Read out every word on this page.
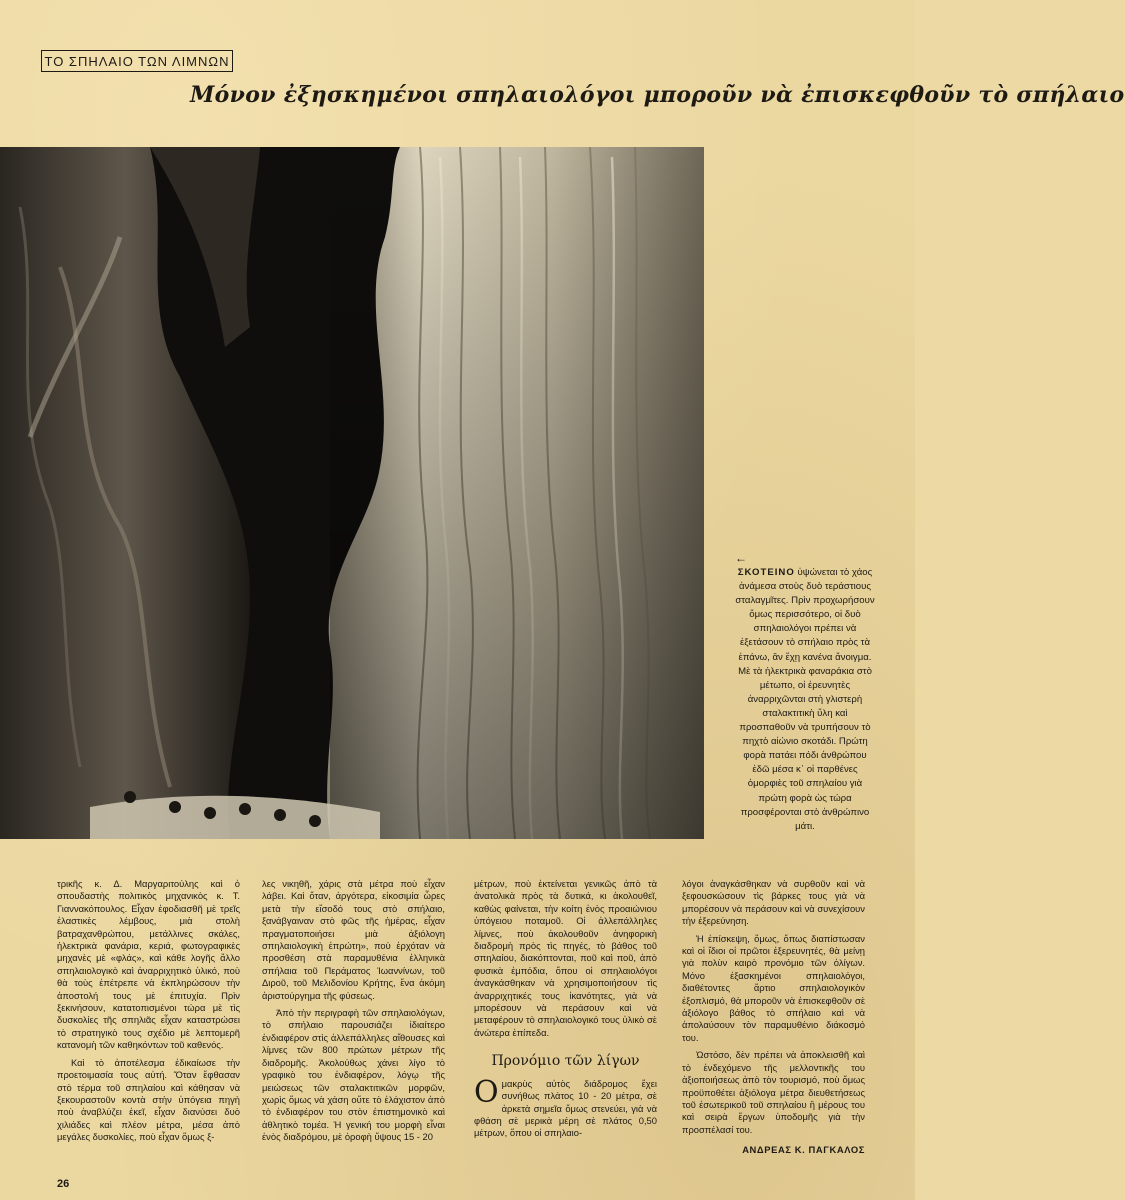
ΤΟ ΣΠΗΛΑΙΟ ΤΩΝ ΛΙΜΝΩΝ
Μόνον ἐξησκημένοι σπηλαιολόγοι μποροῦν νὰ ἐπισκεφθοῦν τὸ σπήλαιο
←
ΣΚΟΤΕΙΝΟ ὑψώνεται τὸ χάος ἀνάμεσα στοὺς δυὸ τεράστιους σταλαγμῖτες. Πρὶν προχωρήσουν ὅμως περισσότερο, οἱ δυὸ σπηλαιολόγοι πρέπει νὰ ἐξετάσουν τὸ σπήλαιο πρὸς τὰ ἐπάνω, ἂν ἔχῃ κανένα ἄνοιγμα. Μὲ τὰ ἠλεκτρικὰ φαναράκια στὸ μέτωπο, οἱ ἐρευνητὲς ἀναρριχῶνται στὴ γλιστερὴ σταλακτιτικὴ ὕλη καὶ προσπαθοῦν νὰ τρυπήσουν τὸ πηχτὸ αἰώνιο σκοτάδι. Πρώτη φορὰ πατάει πόδι ἀνθρώπου ἐδῶ μέσα κ᾽ οἱ παρθένες ὀμορφιὲς τοῦ σπηλαίου γιὰ πρώτη φορὰ ὡς τώρα προσφέρονται στὸ ἀνθρώπινο μάτι.

τρικῆς κ. Δ. Μαργαριτούλης καὶ ὁ σπουδαστὴς πολιτικὸς μηχανικὸς κ. Τ. Γιαννακόπουλος. Εἶχαν ἐφοδιασθῆ μὲ τρεῖς ἐλαστικὲς λέμβους, μιὰ στολὴ βατραχανθρώπου, μετάλλινες σκάλες, ἠλεκτρικὰ φανάρια, κεριά, φωτογραφικὲς μηχανὲς μὲ «φλάς», καὶ κάθε λογῆς ἄλλο σπηλαιολογικὸ καὶ ἀναρριχητικὸ ὑλικό, ποὺ θὰ τοὺς ἐπέτρεπε νὰ ἐκπληρώσουν τὴν ἀποστολή τους μὲ ἐπιτυχία. Πρὶν ξεκινήσουν, κατατοπισμένοι τώρα μὲ τὶς δυσκολίες τῆς σπηλιᾶς εἶχαν καταστρώσει τὸ στρατηγικὸ τους σχέδιο μὲ λεπτομερῆ κατανομὴ τῶν καθηκόντων τοῦ καθενός.

Καὶ τὸ ἀποτέλεσμα ἐδικαίωσε τὴν προετοιμασία τους αὐτή. Ὅταν ἔφθασαν στὸ τέρμα τοῦ σπηλαίου καὶ κάθησαν νὰ ξεκουραστοῦν κοντὰ στὴν ὑπόγεια πηγὴ ποὺ ἀναβλύζει ἐκεῖ, εἶχαν διανύσει δυὸ χιλιάδες καὶ πλέον μέτρα, μέσα ἀπὸ μεγάλες δυσκολίες, ποὺ εἶχαν ὅμως ξ-

λες νικηθῆ, χάρις στὰ μέτρα ποὺ εἶχαν λάβει. Καὶ ὅταν, ἀργότερα, εἰκοσιμία ὧρες μετὰ τὴν εἴσοδό τους στὸ σπήλαιο, ξανάβγαιναν στὸ φῶς τῆς ἡμέρας, εἶχαν πραγματοποιήσει μιὰ ἀξιόλογη σπηλαιολογικὴ ἐπρώτη», ποὺ ἐρχόταν νὰ προσθέση στὰ παραμυθένια ἑλληνικὰ σπήλαια τοῦ Περάματος Ἰωαννίνων, τοῦ Διροῦ, τοῦ Μελιδονίου Κρήτης, ἕνα ἀκόμη ἀριστούργημα τῆς φύσεως.

Ἀπὸ τὴν περιγραφὴ τῶν σπηλαιολόγων, τὸ σπήλαιο παρουσιάζει ἰδιαίτερο ἐνδιαφέρον στὶς ἀλλεπάλληλες αἴθουσες καὶ λίμνες τῶν 800 πρώτων μέτρων τῆς διαδρομῆς. Ἀκολούθως χάνει λίγο τὸ γραφικὸ του ἐνδιαφέρον, λόγῳ τῆς μειώσεως τῶν σταλακτιτικῶν μορφῶν, χωρὶς ὅμως νὰ χάση οὔτε τὸ ἐλάχιστον ἀπὸ τὸ ἐνδιαφέρον του στὸν ἐπιστημονικὸ καὶ ἀθλητικὸ τομέα. Ἡ γενική του μορφὴ εἶναι ἑνὸς διαδρόμου, μὲ ὀροφὴ ὕψους 15 - 20

μέτρων, ποὺ ἐκτείνεται γενικῶς ἀπὸ τὰ ἀνατολικὰ πρὸς τὰ δυτικά, κι ἀκολουθεῖ, καθὼς φαίνεται, τὴν κοίτη ἑνὸς προαιώνιου ὑπόγειου ποταμοῦ. Οἱ ἀλλεπάλληλες λίμνες, ποὺ ἀκολουθοῦν ἀνηφορικὴ διαδρομὴ πρὸς τὶς πηγές, τὸ βάθος τοῦ σπηλαίου, διακόπτονται, ποῦ καὶ ποῦ, ἀπὸ φυσικὰ ἐμπόδια, ὅπου οἱ σπηλαιολόγοι ἀναγκάσθηκαν νὰ χρησιμοποιήσουν τὶς ἀναρριχητικές τους ἱκανότητες, γιὰ νὰ μπορέσουν νὰ περάσουν καὶ νὰ μεταφέρουν τὸ σπηλαιολογικό τους ὑλικὸ σὲ ἀνώτερα ἐπίπεδα.

Προνόμιο τῶν λίγων

O μακρὺς αὐτὸς διάδρομος ἔχει συνήθως πλάτος 10 - 20 μέτρα, σὲ ἀρκετὰ σημεῖα ὅμως στενεύει, γιὰ νὰ φθάση σὲ μερικὰ μέρη σὲ πλάτος 0,50 μέτρων, ὅπου οἱ σπηλαιο-

λόγοι ἀναγκάσθηκαν νὰ συρθοῦν καὶ νὰ ξεφουσκώσουν τὶς βάρκες τους γιὰ νὰ μπορέσουν νὰ περάσουν καὶ νὰ συνεχίσουν τὴν ἐξερεύνηση.

Ἡ ἐπίσκεψη, ὅμως, ὅπως διαπίστωσαν καὶ οἱ ἴδιοι οἱ πρῶτοι ἐξερευνητές, θὰ μείνῃ γιὰ πολὺν καιρὸ προνόμιο τῶν ὀλίγων. Μόνο ἐξασκημένοι σπηλαιολόγοι, διαθέτοντες ἄρτιο σπηλαιολογικὸν ἐξοπλισμό, θὰ μποροῦν νὰ ἐπισκεφθοῦν σὲ ἀξιόλογο βάθος τὸ σπήλαιο καὶ νὰ ἀπολαύσουν τὸν παραμυθένιο διάκοσμό του.

Ὡστόσο, δὲν πρέπει νὰ ἀποκλεισθῆ καὶ τὸ ἐνδεχόμενο τῆς μελλοντικῆς του ἀξιοποιήσεως ἀπὸ τὸν τουρισμό, ποὺ ὅμως προϋποθέτει ἀξιόλογα μέτρα διευθετήσεως τοῦ ἐσωτερικοῦ τοῦ σπηλαίου ἢ μέρους του καὶ σειρὰ ἔργων ὑποδομῆς γιὰ τὴν προσπέλασί του.

ΑΝΔΡΕΑΣ Κ. ΠΑΓΚΑΛΟΣ

26
